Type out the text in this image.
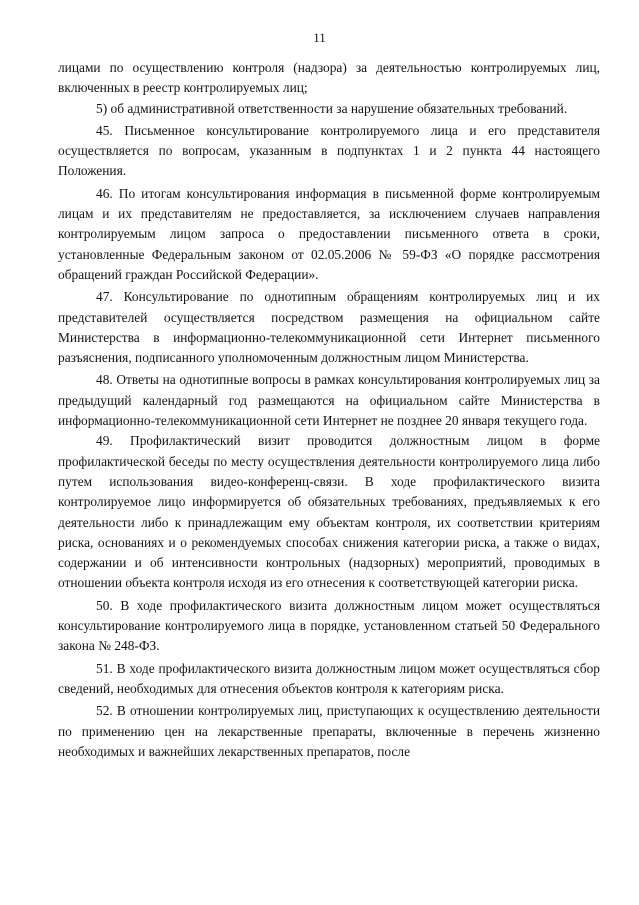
11

лицами по осуществлению контроля (надзора) за деятельностью контролируемых лиц, включенных в реестр контролируемых лиц;

5) об административной ответственности за нарушение обязательных требований.

45. Письменное консультирование контролируемого лица и его представителя осуществляется по вопросам, указанным в подпунктах 1 и 2 пункта 44 настоящего Положения.

46. По итогам консультирования информация в письменной форме контролируемым лицам и их представителям не предоставляется, за исключением случаев направления контролируемым лицом запроса о предоставлении письменного ответа в сроки, установленные Федеральным законом от 02.05.2006 № 59-ФЗ «О порядке рассмотрения обращений граждан Российской Федерации».

47. Консультирование по однотипным обращениям контролируемых лиц и их представителей осуществляется посредством размещения на официальном сайте Министерства в информационно-телекоммуникационной сети Интернет письменного разъяснения, подписанного уполномоченным должностным лицом Министерства.

48. Ответы на однотипные вопросы в рамках консультирования контролируемых лиц за предыдущий календарный год размещаются на официальном сайте Министерства в информационно-телекоммуникационной сети Интернет не позднее 20 января текущего года.

49. Профилактический визит проводится должностным лицом в форме профилактической беседы по месту осуществления деятельности контролируемого лица либо путем использования видео-конференц-связи. В ходе профилактического визита контролируемое лицо информируется об обязательных требованиях, предъявляемых к его деятельности либо к принадлежащим ему объектам контроля, их соответствии критериям риска, основаниях и о рекомендуемых способах снижения категории риска, а также о видах, содержании и об интенсивности контрольных (надзорных) мероприятий, проводимых в отношении объекта контроля исходя из его отнесения к соответствующей категории риска.

50. В ходе профилактического визита должностным лицом может осуществляться консультирование контролируемого лица в порядке, установленном статьей 50 Федерального закона № 248-ФЗ.

51. В ходе профилактического визита должностным лицом может осуществляться сбор сведений, необходимых для отнесения объектов контроля к категориям риска.

52. В отношении контролируемых лиц, приступающих к осуществлению деятельности по применению цен на лекарственные препараты, включенные в перечень жизненно необходимых и важнейших лекарственных препаратов, после
